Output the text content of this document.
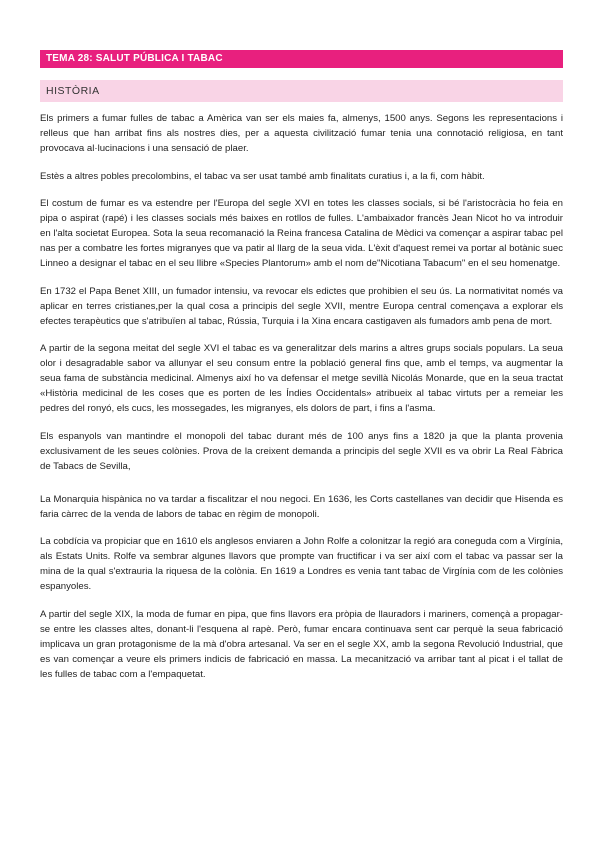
TEMA 28: SALUT PÚBLICA I TABAC
HISTÒRIA

Els primers a fumar fulles de tabac a Amèrica van ser els maies fa, almenys, 1500 anys. Segons les representacions i relleus que han arribat fins als nostres dies, per a aquesta civilització fumar tenia una connotació religiosa, en tant provocava al·lucinacions i una sensació de plaer.

Estès a altres pobles precolombins, el tabac va ser usat també amb finalitats curatius i, a la fi, com hàbit.

El costum de fumar es va estendre per l'Europa del segle XVI en totes les classes socials, si bé l'aristocràcia ho feia en pipa o aspirat (rapé) i les classes socials més baixes en rotllos de fulles. L'ambaixador francès Jean Nicot ho va introduir en l'alta societat Europea. Sota la seua recomanació la Reina francesa Catalina de Mèdici va començar a aspirar tabac pel nas per a combatre les fortes migranyes que va patir al llarg de la seua vida. L'èxit d'aquest remei va portar al botànic suec Linneo a designar el tabac en el seu llibre «Species Plantorum» amb el nom de"Nicotiana Tabacum" en el seu homenatge.

En 1732 el Papa Benet XIII, un fumador intensiu, va revocar els edictes que prohibien el seu ús. La normativitat només va aplicar en terres cristianes,per la qual cosa a principis del segle XVII, mentre Europa central començava a explorar els efectes terapèutics que s'atribuïen al tabac, Rússia, Turquia i la Xina encara castigaven als fumadors amb pena de mort.

A partir de la segona meitat del segle XVI el tabac es va generalitzar dels marins a altres grups socials populars. La seua olor i desagradable sabor va allunyar el seu consum entre la població general fins que, amb el temps, va augmentar la seua fama de substància medicinal. Almenys així ho va defensar el metge sevillà Nicolás Monarde, que en la seua tractat «Història medicinal de les coses que es porten de les Índies Occidentals» atribueix al tabac virtuts per a remeiar les pedres del ronyó, els cucs, les mossegades, les migranyes, els dolors de part, i fins a l'asma.

Els espanyols van mantindre el monopoli del tabac durant més de 100 anys fins a 1820 ja que la planta provenia exclusivament de les seues colònies. Prova de la creixent demanda a principis del segle XVII es va obrir La Real Fàbrica de Tabacs de Sevilla,

La Monarquia hispànica no va tardar a fiscalitzar el nou negoci. En 1636, les Corts castellanes van decidir que Hisenda es faria càrrec de la venda de labors de tabac en règim de monopoli.

La cobdícia va propiciar que en 1610 els anglesos enviaren a John Rolfe a colonitzar la regió ara coneguda com a Virgínia, als Estats Units. Rolfe va sembrar algunes llavors que prompte van fructificar i va ser així com el tabac va passar ser la mina de la qual s'extrauria la riquesa de la colònia. En 1619 a Londres es venia tant tabac de Virgínia com de les colònies espanyoles.

A partir del segle XIX, la moda de fumar en pipa, que fins llavors era pròpia de llauradors i mariners, començà a propagar-se entre les classes altes, donant-li l'esquena al rapè. Però, fumar encara continuava sent car perquè la seua fabricació implicava un gran protagonisme de la mà d'obra artesanal. Va ser en el segle XX, amb la segona Revolució Industrial, que es van començar a veure els primers indicis de fabricació en massa. La mecanització va arribar tant al picat i el tallat de les fulles de tabac com a l'empaquetat.
